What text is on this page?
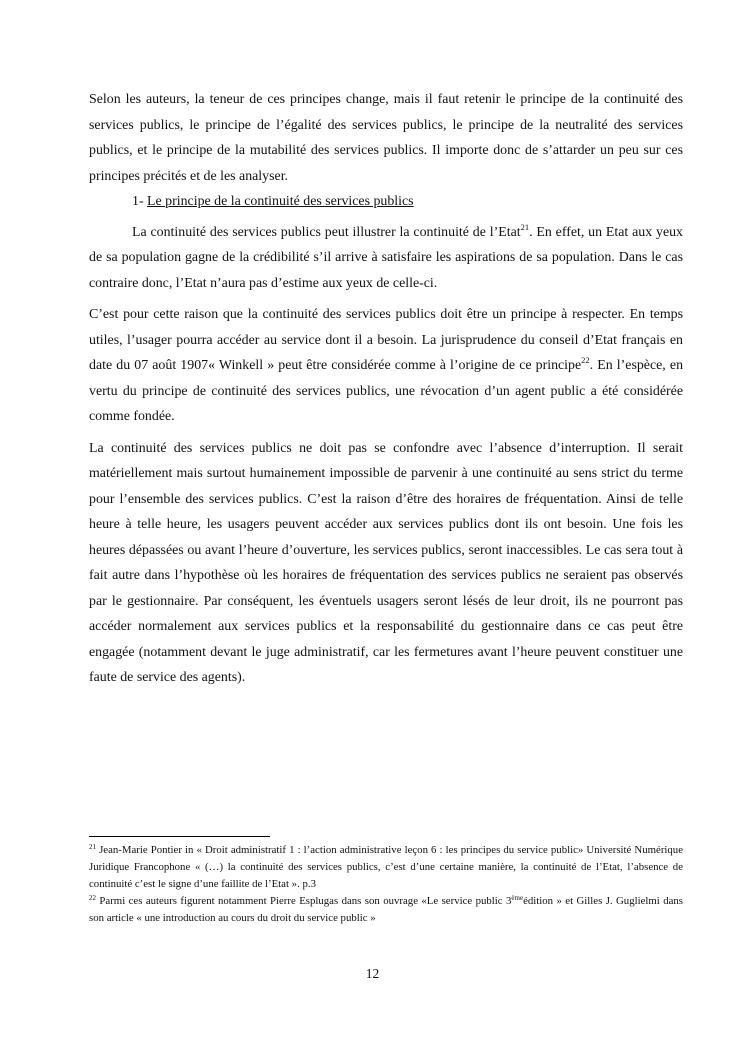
Selon les auteurs, la teneur de ces principes change, mais il faut retenir le principe de la continuité des services publics, le principe de l’égalité des services publics, le principe de la neutralité des services publics, et le principe de la mutabilité des services publics. Il importe donc de s’attarder un peu sur ces principes précités et de les analyser.

1- Le principe de la continuité des services publics

La continuité des services publics peut illustrer la continuité de l’Etat$^{21}$. En effet, un Etat aux yeux de sa population gagne de la crédibilité s’il arrive à satisfaire les aspirations de sa population. Dans le cas contraire donc, l’Etat n’aura pas d’estime aux yeux de celle-ci.

C’est pour cette raison que la continuité des services publics doit être un principe à respecter. En temps utiles, l’usager pourra accéder au service dont il a besoin. La jurisprudence du conseil d’Etat français en date du 07 août 1907« Winkell » peut être considérée comme à l’origine de ce principe$^{22}$. En l’espèce, en vertu du principe de continuité des services publics, une révocation d’un agent public a été considérée comme fondée.

La continuité des services publics ne doit pas se confondre avec l’absence d’interruption. Il serait matériellement mais surtout humainement impossible de parvenir à une continuité au sens strict du terme pour l’ensemble des services publics. C’est la raison d’être des horaires de fréquentation. Ainsi de telle heure à telle heure, les usagers peuvent accéder aux services publics dont ils ont besoin. Une fois les heures dépassées ou avant l’heure d’ouverture, les services publics, seront inaccessibles. Le cas sera tout à fait autre dans l’hypothèse où les horaires de fréquentation des services publics ne seraient pas observés par le gestionnaire. Par conséquent, les éventuels usagers seront lésés de leur droit, ils ne pourront pas accéder normalement aux services publics et la responsabilité du gestionnaire dans ce cas peut être engagée (notamment devant le juge administratif, car les fermetures avant l’heure peuvent constituer une faute de service des agents).

$^{21}$ Jean-Marie Pontier in « Droit administratif 1 : l’action administrative leçon 6 : les principes du service public» Université Numérique Juridique Francophone « (…) la continuité des services publics, c’est d’une certaine manière, la continuité de l’Etat, l’absence de continuité c’est le signe d’une faillite de l’Etat ». p.3

$^{22}$ Parmi ces auteurs figurent notamment Pierre Esplugas dans son ouvrage «Le service public 3èmeédition » et Gilles J. Guglielmi dans son article « une introduction au cours du droit du service public »

12
